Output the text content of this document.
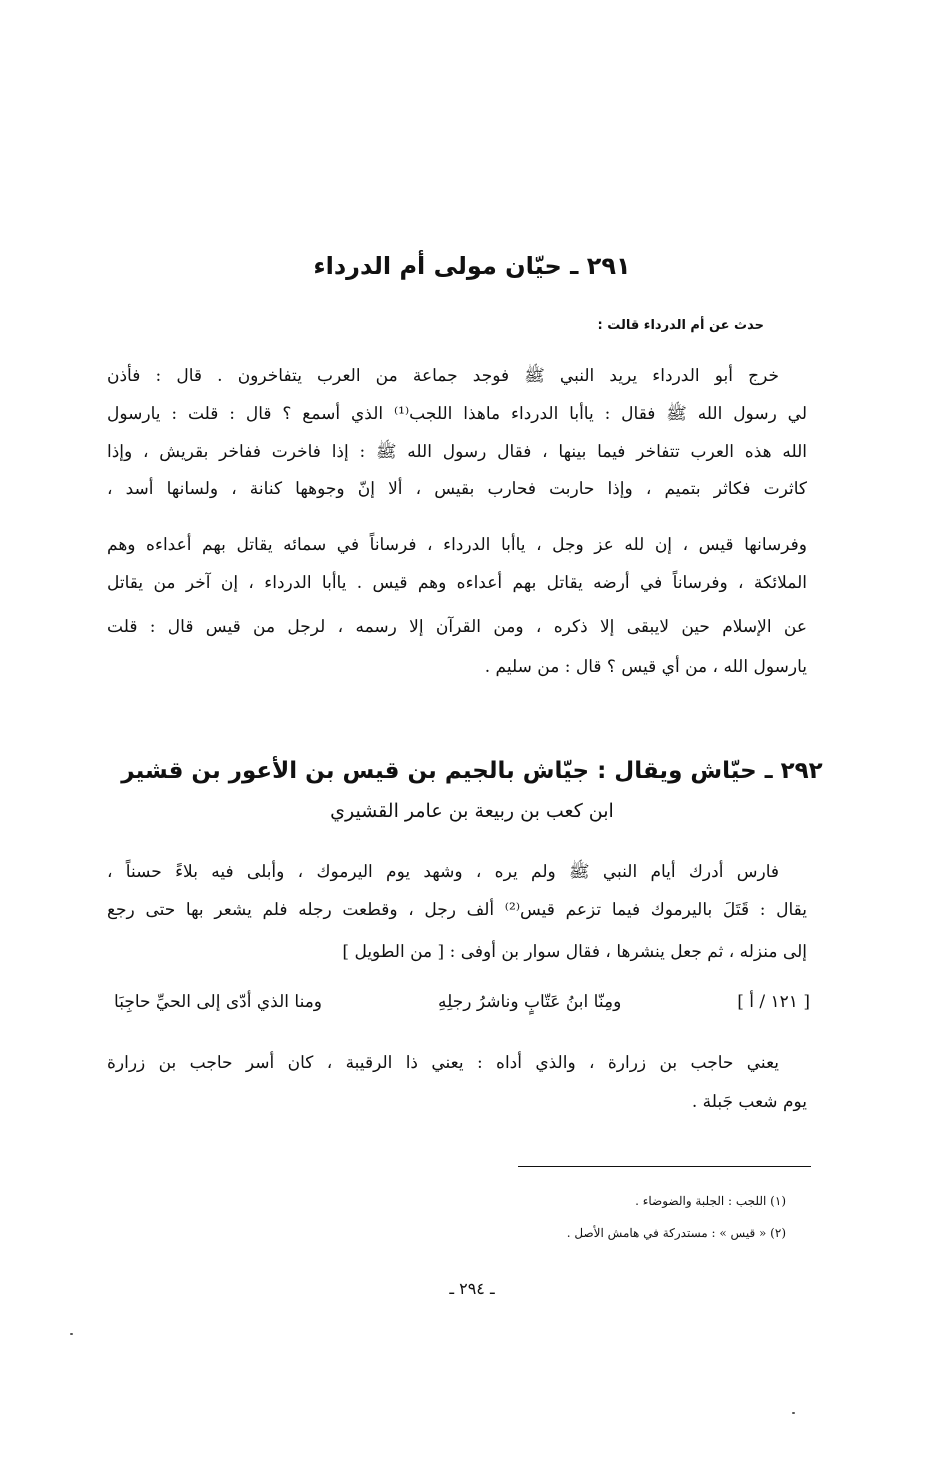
٢٩١ ـ حيّان مولى أم الدرداء
حدث عن أم الدرداء قالت :
خرج أبو الدرداء يريد النبي ﷺ فوجد جماعة من العرب يتفاخرون . قال : فأذن
لي رسول الله ﷺ فقال : ياأبا الدرداء ماهذا اللجب⁽¹⁾ الذي أسمع ؟ قال : قلت : يارسول
الله هذه العرب تتفاخر فيما بينها ، فقال رسول الله ﷺ : إذا فاخرت ففاخر بقريش ، وإذا
كاثرت فكاثر بتميم ، وإذا حاربت فحارب بقيس ، ألا إنّ وجوهها كنانة ، ولسانها أسد ،
وفرسانها قيس ، إن لله عز وجل ، ياأبا الدرداء ، فرساناً في سمائه يقاتل بهم أعداءه وهم
الملائكة ، وفرساناً في أرضه يقاتل بهم أعداءه وهم قيس . ياأبا الدرداء ، إن آخر من يقاتل
عن الإسلام حين لايبقى إلا ذكره ، ومن القرآن إلا رسمه ، لرجل من قيس قال : قلت
يارسول الله ، من أي قيس ؟ قال : من سليم .
٢٩٢ ـ حيّاش ويقال : جيّاش بالجيم بن قيس بن الأعور بن قشير
ابن كعب بن ربيعة بن عامر القشيري
فارس أدرك أيام النبي ﷺ ولم يره ، وشهد يوم اليرموك ، وأبلى فيه بلاءً حسناً ،
يقال : قَتَلَ باليرموك فيما تزعم قيس⁽²⁾ ألف رجل ، وقطعت رجله فلم يشعر بها حتى رجع
إلى منزله ، ثم جعل ينشرها ، فقال سوار بن أوفى : [ من الطويل ]
[ ١٢١ / أ ]
ومِنّا ابنُ عَتّابٍ وناشرُ رجلِهِ
ومنا الذي أدّى إلى الحيِّ حاجِبَا
يعني حاجب بن زرارة ، والذي أداه : يعني ذا الرقيبة ، كان أسر حاجب بن زرارة
يوم شعب جَبلة .
(١) اللجب : الجلبة والضوضاء .
(٢) « قيس » : مستدركة في هامش الأصل .
ـ ٢٩٤ ـ
